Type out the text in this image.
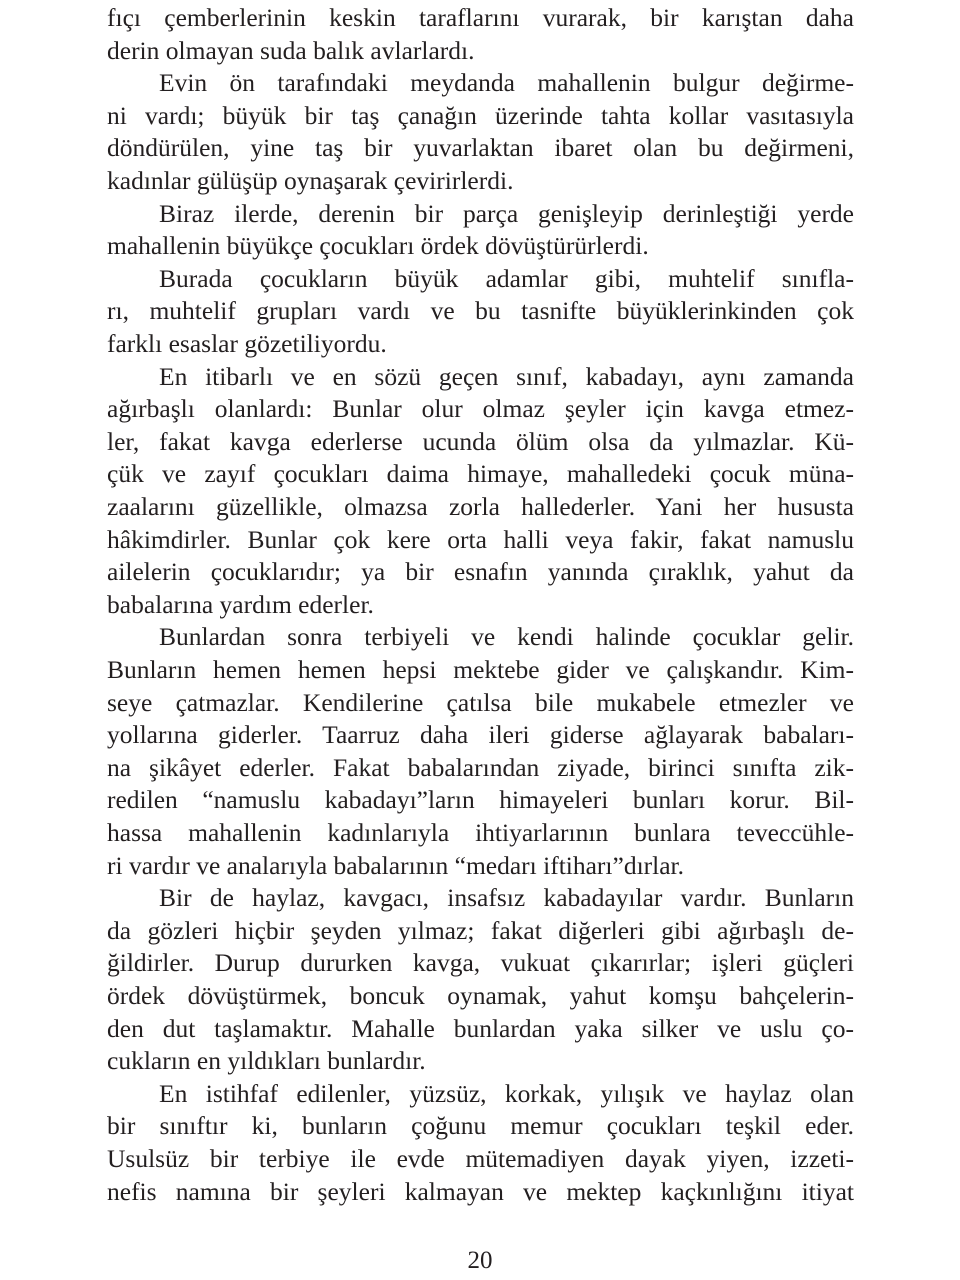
fıçı çemberlerinin keskin taraflarını vurarak, bir karıştan daha
derin olmayan suda balık avlarlardı.
Evin ön tarafındaki meydanda mahallenin bulgur değirme-
ni vardı; büyük bir taş çanağın üzerinde tahta kollar vasıtasıyla
döndürülen, yine taş bir yuvarlaktan ibaret olan bu değirmeni,
kadınlar gülüşüp oynaşarak çevirirlerdi.
Biraz ilerde, derenin bir parça genişleyip derinleştiği yerde
mahallenin büyükçe çocukları ördek dövüştürürlerdi.
Burada çocukların büyük adamlar gibi, muhtelif sınıfla-
rı, muhtelif grupları vardı ve bu tasnifte büyüklerinkinden çok
farklı esaslar gözetiliyordu.
En itibarlı ve en sözü geçen sınıf, kabadayı, aynı zamanda
ağırbaşlı olanlardı: Bunlar olur olmaz şeyler için kavga etmez-
ler, fakat kavga ederlerse ucunda ölüm olsa da yılmazlar. Kü-
çük ve zayıf çocukları daima himaye, mahalledeki çocuk müna-
zaalarını güzellikle, olmazsa zorla hallederler. Yani her hususta
hâkimdirler. Bunlar çok kere orta halli veya fakir, fakat namuslu
ailelerin çocuklarıdır; ya bir esnafın yanında çıraklık, yahut da
babalarına yardım ederler.
Bunlardan sonra terbiyeli ve kendi halinde çocuklar gelir.
Bunların hemen hemen hepsi mektebe gider ve çalışkandır. Kim-
seye çatmazlar. Kendilerine çatılsa bile mukabele etmezler ve
yollarına giderler. Taarruz daha ileri giderse ağlayarak babaları-
na şikâyet ederler. Fakat babalarından ziyade, birinci sınıfta zik-
redilen “namuslu kabadayı”ların himayeleri bunları korur. Bil-
hassa mahallenin kadınlarıyla ihtiyarlarının bunlara teveccühle-
ri vardır ve analarıyla babalarının “medarı iftiharı”dırlar.
Bir de haylaz, kavgacı, insafsız kabadayılar vardır. Bunların
da gözleri hiçbir şeyden yılmaz; fakat diğerleri gibi ağırbaşlı de-
ğildirler. Durup dururken kavga, vukuat çıkarırlar; işleri güçleri
ördek dövüştürmek, boncuk oynamak, yahut komşu bahçelerin-
den dut taşlamaktır. Mahalle bunlardan yaka silker ve uslu ço-
cukların en yıldıkları bunlardır.
En istihfaf edilenler, yüzsüz, korkak, yılışık ve haylaz olan
bir sınıftır ki, bunların çoğunu memur çocukları teşkil eder.
Usulsüz bir terbiye ile evde mütemadiyen dayak yiyen, izzeti-
nefis namına bir şeyleri kalmayan ve mektep kaçkınlığını itiyat
20
